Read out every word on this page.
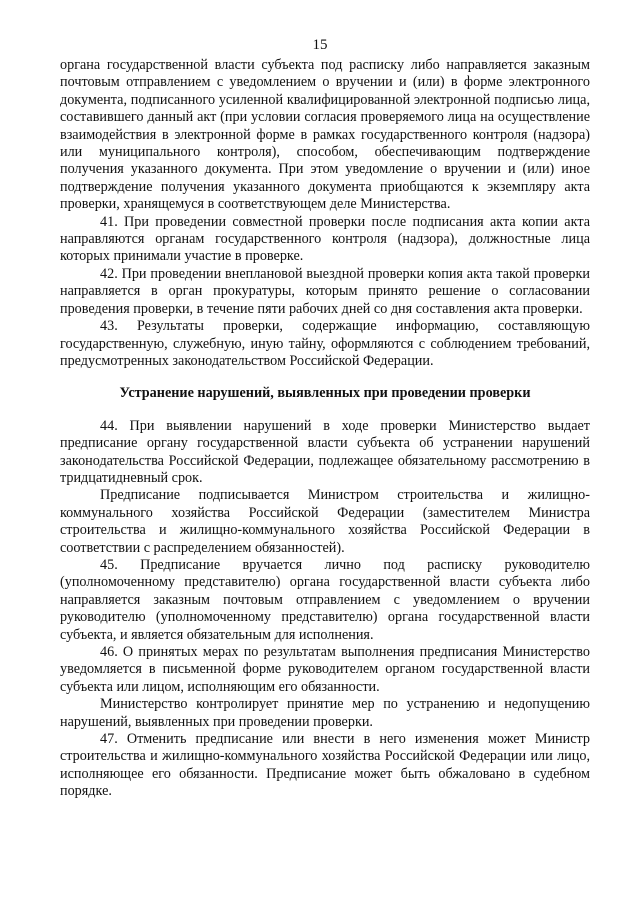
15

органа государственной власти субъекта под расписку либо направляется заказным почтовым отправлением с уведомлением о вручении и (или) в форме электронного документа, подписанного усиленной квалифицированной электронной подписью лица, составившего данный акт (при условии согласия проверяемого лица на осуществление взаимодействия в электронной форме в рамках государственного контроля (надзора) или муниципального контроля), способом, обеспечивающим подтверждение получения указанного документа. При этом уведомление о вручении и (или) иное подтверждение получения указанного документа приобщаются к экземпляру акта проверки, хранящемуся в соответствующем деле Министерства.

41. При проведении совместной проверки после подписания акта копии акта направляются органам государственного контроля (надзора), должностные лица которых принимали участие в проверке.

42. При проведении внеплановой выездной проверки копия акта такой проверки направляется в орган прокуратуры, которым принято решение о согласовании проведения проверки, в течение пяти рабочих дней со дня составления акта проверки.

43. Результаты проверки, содержащие информацию, составляющую государственную, служебную, иную тайну, оформляются с соблюдением требований, предусмотренных законодательством Российской Федерации.

Устранение нарушений, выявленных при проведении проверки

44. При выявлении нарушений в ходе проверки Министерство выдает предписание органу государственной власти субъекта об устранении нарушений законодательства Российской Федерации, подлежащее обязательному рассмотрению в тридцатидневный срок.

Предписание подписывается Министром строительства и жилищно-коммунального хозяйства Российской Федерации (заместителем Министра строительства и жилищно-коммунального хозяйства Российской Федерации в соответствии с распределением обязанностей).

45. Предписание вручается лично под расписку руководителю (уполномоченному представителю) органа государственной власти субъекта либо направляется заказным почтовым отправлением с уведомлением о вручении руководителю (уполномоченному представителю) органа государственной власти субъекта, и является обязательным для исполнения.

46. О принятых мерах по результатам выполнения предписания Министерство уведомляется в письменной форме руководителем органом государственной власти субъекта или лицом, исполняющим его обязанности.

Министерство контролирует принятие мер по устранению и недопущению нарушений, выявленных при проведении проверки.

47. Отменить предписание или внести в него изменения может Министр строительства и жилищно-коммунального хозяйства Российской Федерации или лицо, исполняющее его обязанности. Предписание может быть обжаловано в судебном порядке.
